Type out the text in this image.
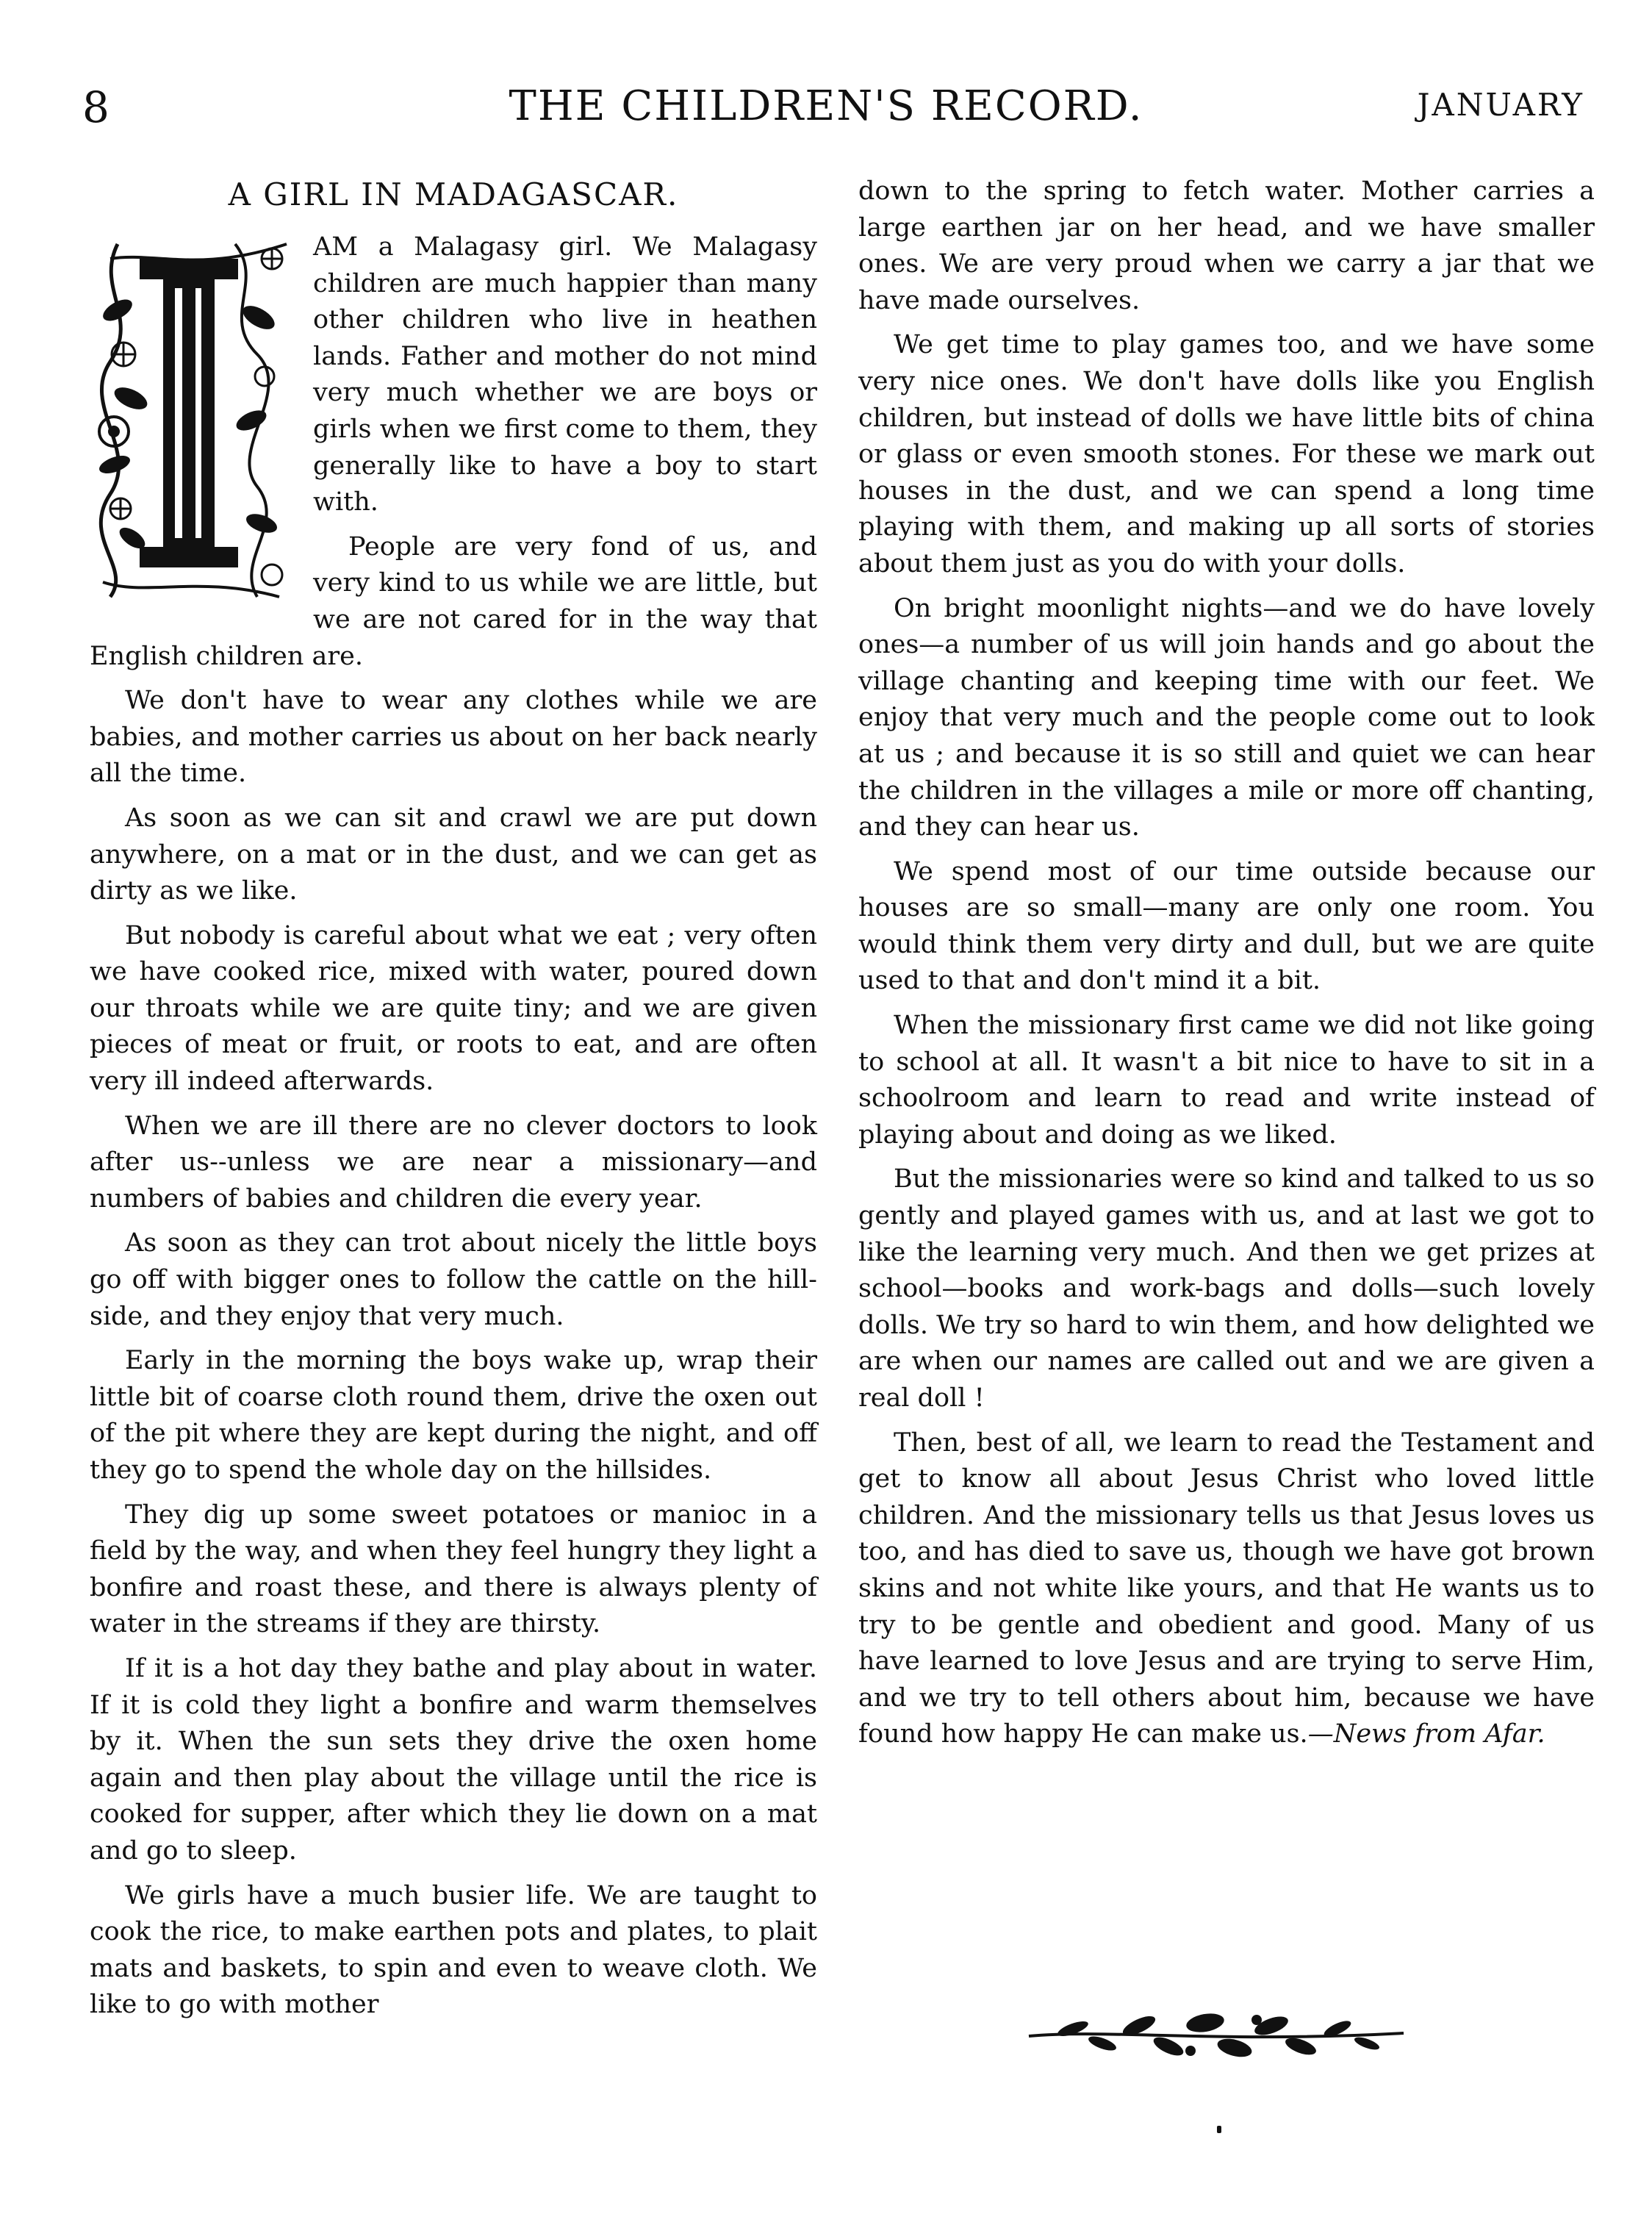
8	THE CHILDREN'S RECORD.	JANUARY
A GIRL IN MADAGASCAR.

AM a Malagasy girl. We Malagasy children are much happier than many other children who live in heathen lands. Father and mother do not mind very much whether we are boys or girls when we first come to them, they generally like to have a boy to start with.

People are very fond of us, and very kind to us while we are little, but we are not cared for in the way that English children are.

We don't have to wear any clothes while we are babies, and mother carries us about on her back nearly all the time.

As soon as we can sit and crawl we are put down anywhere, on a mat or in the dust, and we can get as dirty as we like.

But nobody is careful about what we eat ; very often we have cooked rice, mixed with water, poured down our throats while we are quite tiny; and we are given pieces of meat or fruit, or roots to eat, and are often very ill indeed afterwards.

When we are ill there are no clever doctors to look after us--unless we are near a missionary—and numbers of babies and children die every year.

As soon as they can trot about nicely the little boys go off with bigger ones to follow the cattle on the hill-side, and they enjoy that very much.

Early in the morning the boys wake up, wrap their little bit of coarse cloth round them, drive the oxen out of the pit where they are kept during the night, and off they go to spend the whole day on the hillsides.

They dig up some sweet potatoes or manioc in a field by the way, and when they feel hungry they light a bonfire and roast these, and there is always plenty of water in the streams if they are thirsty.

If it is a hot day they bathe and play about in water. If it is cold they light a bonfire and warm themselves by it. When the sun sets they drive the oxen home again and then play about the village until the rice is cooked for supper, after which they lie down on a mat and go to sleep.

We girls have a much busier life. We are taught to cook the rice, to make earthen pots and plates, to plait mats and baskets, to spin and even to weave cloth. We like to go with mother

down to the spring to fetch water. Mother carries a large earthen jar on her head, and we have smaller ones. We are very proud when we carry a jar that we have made ourselves.

We get time to play games too, and we have some very nice ones. We don't have dolls like you English children, but instead of dolls we have little bits of china or glass or even smooth stones. For these we mark out houses in the dust, and we can spend a long time playing with them, and making up all sorts of stories about them just as you do with your dolls.

On bright moonlight nights—and we do have lovely ones—a number of us will join hands and go about the village chanting and keeping time with our feet. We enjoy that very much and the people come out to look at us ; and because it is so still and quiet we can hear the children in the villages a mile or more off chanting, and they can hear us.

We spend most of our time outside because our houses are so small—many are only one room. You would think them very dirty and dull, but we are quite used to that and don't mind it a bit.

When the missionary first came we did not like going to school at all. It wasn't a bit nice to have to sit in a schoolroom and learn to read and write instead of playing about and doing as we liked.

But the missionaries were so kind and talked to us so gently and played games with us, and at last we got to like the learning very much. And then we get prizes at school—books and work-bags and dolls—such lovely dolls. We try so hard to win them, and how delighted we are when our names are called out and we are given a real doll !

Then, best of all, we learn to read the Testament and get to know all about Jesus Christ who loved little children. And the missionary tells us that Jesus loves us too, and has died to save us, though we have got brown skins and not white like yours, and that He wants us to try to be gentle and obedient and good. Many of us have learned to love Jesus and are trying to serve Him, and we try to tell others about him, because we have found how happy He can make us.—News from Afar.
